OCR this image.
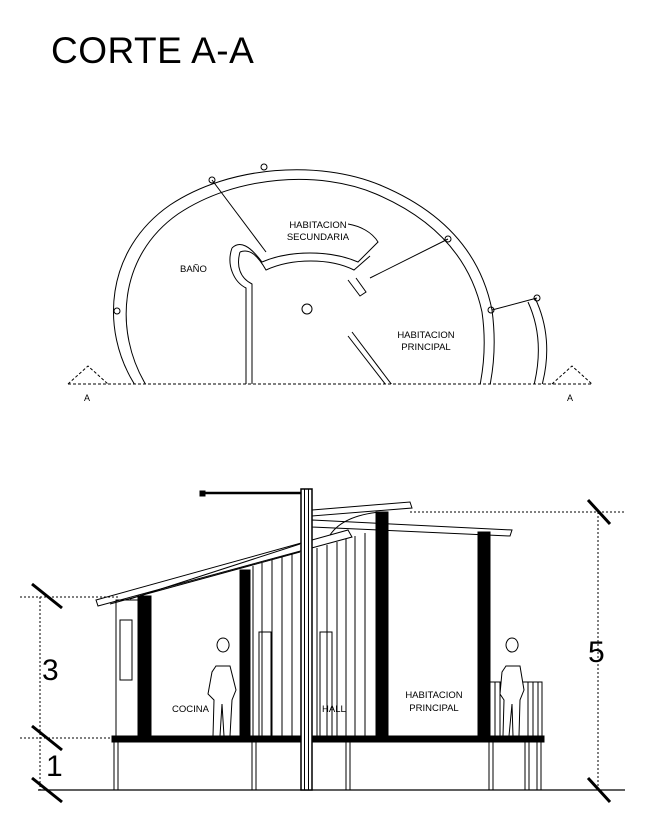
CORTE A-A
BAÑO
HABITACION
SECUNDARIA
HABITACION
PRINCIPAL
A	A
COCINA	HALL
HABITACION
PRINCIPAL
3
1
5
